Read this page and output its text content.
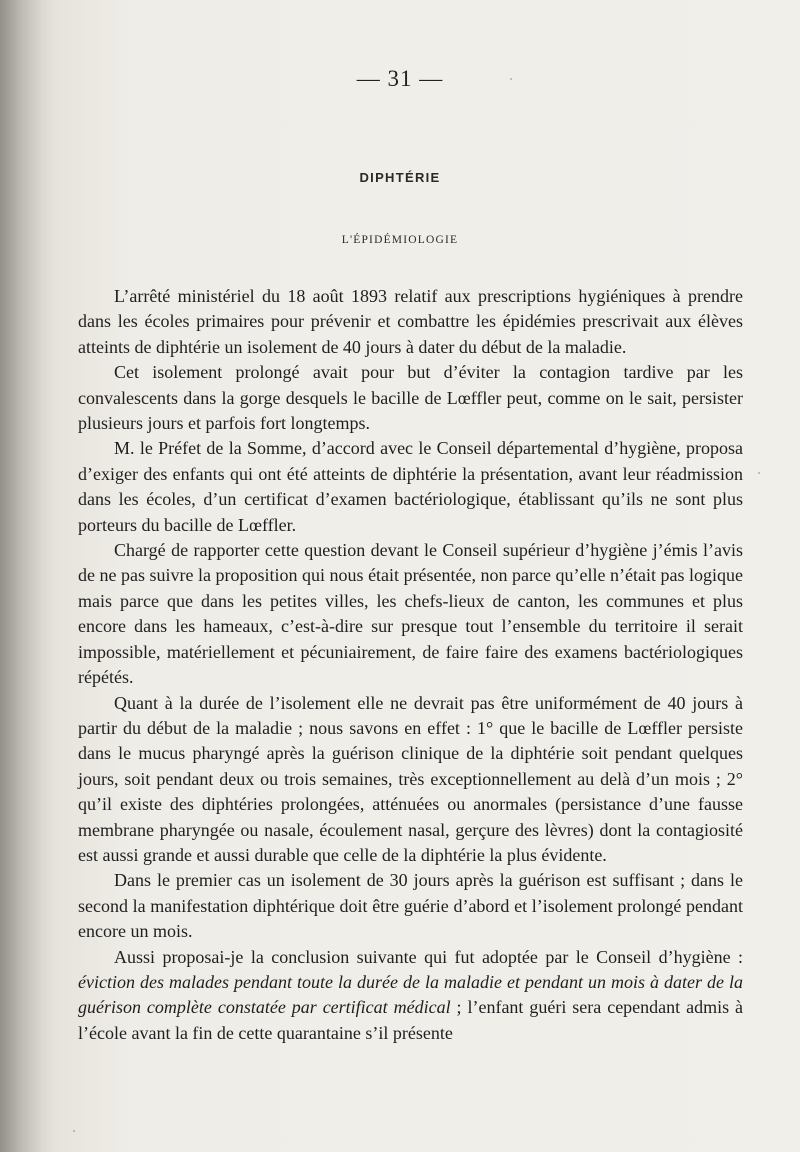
— 31 —
DIPHTÉRIE
L'ÉPIDÉMIOLOGIE

L’arrêté ministériel du 18 août 1893 relatif aux prescriptions hygiéniques à prendre dans les écoles primaires pour prévenir et combattre les épidémies prescrivait aux élèves atteints de diphtérie un isolement de 40 jours à dater du début de la maladie.

Cet isolement prolongé avait pour but d’éviter la contagion tardive par les convalescents dans la gorge desquels le bacille de Lœffler peut, comme on le sait, persister plusieurs jours et parfois fort longtemps.

M. le Préfet de la Somme, d’accord avec le Conseil départemental d’hygiène, proposa d’exiger des enfants qui ont été atteints de diphtérie la présentation, avant leur réadmission dans les écoles, d’un certificat d’examen bactériologique, établissant qu’ils ne sont plus porteurs du bacille de Lœffler.

Chargé de rapporter cette question devant le Conseil supérieur d’hygiène j’émis l’avis de ne pas suivre la proposition qui nous était présentée, non parce qu’elle n’était pas logique mais parce que dans les petites villes, les chefs-lieux de canton, les communes et plus encore dans les hameaux, c’est-à-dire sur presque tout l’ensemble du territoire il serait impossible, matériellement et pécuniairement, de faire faire des examens bactériologiques répétés.

Quant à la durée de l’isolement elle ne devrait pas être uniformément de 40 jours à partir du début de la maladie ; nous savons en effet : 1° que le bacille de Lœffler persiste dans le mucus pharyngé après la guérison clinique de la diphtérie soit pendant quelques jours, soit pendant deux ou trois semaines, très exceptionnellement au delà d’un mois ; 2° qu’il existe des diphtéries prolongées, atténuées ou anormales (persistance d’une fausse membrane pharyngée ou nasale, écoulement nasal, gerçure des lèvres) dont la contagiosité est aussi grande et aussi durable que celle de la diphtérie la plus évidente.

Dans le premier cas un isolement de 30 jours après la guérison est suffisant ; dans le second la manifestation diphtérique doit être guérie d’abord et l’isolement prolongé pendant encore un mois.

Aussi proposai-je la conclusion suivante qui fut adoptée par le Conseil d’hygiène : éviction des malades pendant toute la durée de la maladie et pendant un mois à dater de la guérison complète constatée par certificat médical ; l’enfant guéri sera cependant admis à l’école avant la fin de cette quarantaine s’il présente
